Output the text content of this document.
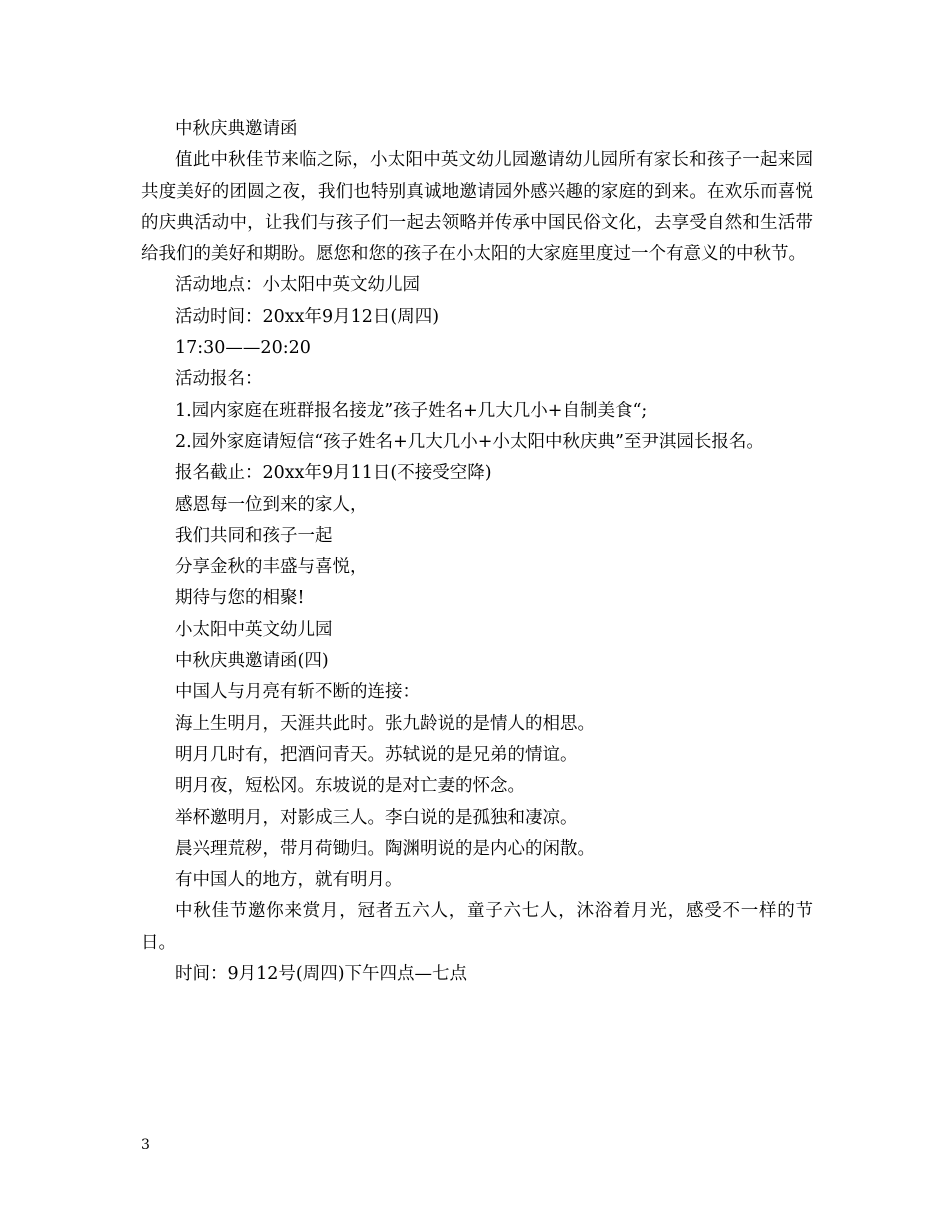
中秋庆典邀请函

值此中秋佳节来临之际，小太阳中英文幼儿园邀请幼儿园所有家长和孩子一起来园共度美好的团圆之夜，我们也特别真诚地邀请园外感兴趣的家庭的到来。在欢乐而喜悦的庆典活动中，让我们与孩子们一起去领略并传承中国民俗文化，去享受自然和生活带给我们的美好和期盼。愿您和您的孩子在小太阳的大家庭里度过一个有意义的中秋节。

活动地点：小太阳中英文幼儿园

活动时间：20xx年9月12日(周四)

17:30——20:20

活动报名：

1.园内家庭在班群报名接龙”孩子姓名+几大几小+自制美食“;

2.园外家庭请短信“孩子姓名+几大几小+小太阳中秋庆典”至尹淇园长报名。

报名截止：20xx年9月11日(不接受空降)

感恩每一位到来的家人，

我们共同和孩子一起

分享金秋的丰盛与喜悦，

期待与您的相聚!

小太阳中英文幼儿园

中秋庆典邀请函(四)

中国人与月亮有斩不断的连接：

海上生明月，天涯共此时。张九龄说的是情人的相思。

明月几时有，把酒问青天。苏轼说的是兄弟的情谊。

明月夜，短松冈。东坡说的是对亡妻的怀念。

举杯邀明月，对影成三人。李白说的是孤独和凄凉。

晨兴理荒秽，带月荷锄归。陶渊明说的是内心的闲散。

有中国人的地方，就有明月。

中秋佳节邀你来赏月，冠者五六人，童子六七人，沐浴着月光，感受不一样的节日。

时间：9月12号(周四)下午四点—七点

3
